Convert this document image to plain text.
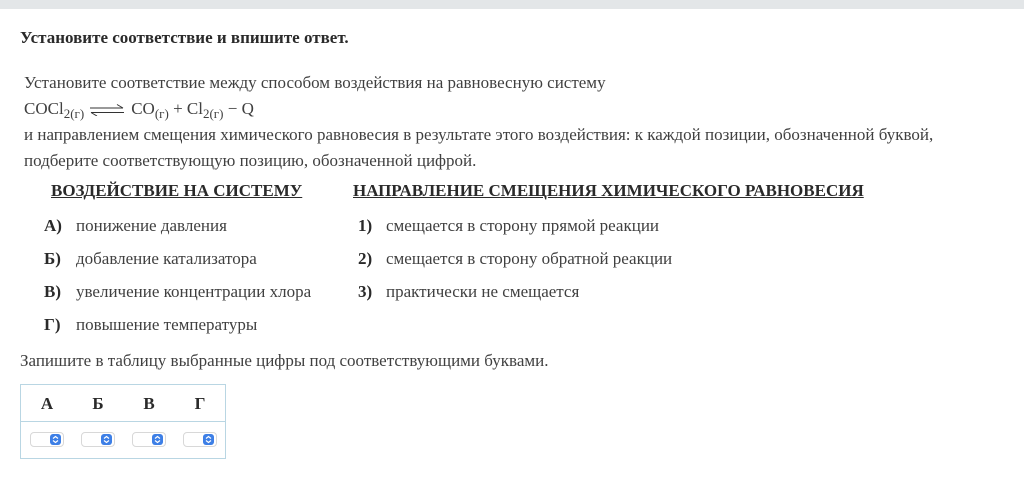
Установите соответствие и впишите ответ.

Установите соответствие между способом воздействия на равновесную систему

COCl$_{2(г)}$ ⇌ $CO_{(г)} + Cl_{2(г)} - Q$

и направлением смещения химического равновесия в результате этого воздействия: к каждой позиции, обозначенной буквой,

подберите соответствующую позицию, обозначенной цифрой.

ВОЗДЕЙСТВИЕ НА СИСТЕМУ	НАПРАВЛЕНИЕ СМЕЩЕНИЯ ХИМИЧЕСКОГО РАВНОВЕСИЯ
А) понижение давления
Б) добавление катализатора
В) увеличение концентрации хлора
Г) повышение температуры
1) смещается в сторону прямой реакции
2) смещается в сторону обратной реакции
3) практически не смещается
Запишите в таблицу выбранные цифры под соответствующими буквами.
А	Б	В	Г
